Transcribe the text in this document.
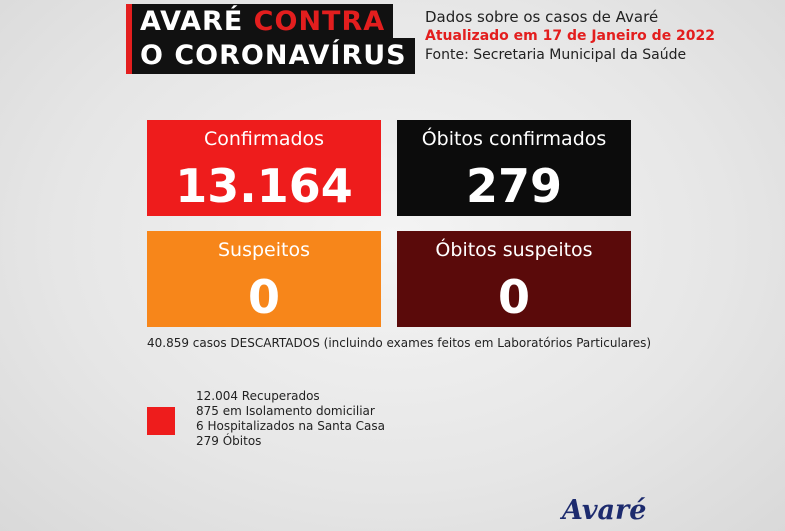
AVARÉ CONTRA
O CORONAVÍRUS
Dados sobre os casos de Avaré
Atualizado em 17 de Janeiro de 2022
Fonte: Secretaria Municipal da Saúde
Confirmados
13.164
Óbitos confirmados
279
Suspeitos
0
Óbitos suspeitos
0
40.859 casos DESCARTADOS (incluindo exames feitos em Laboratórios Particulares)
12.004 Recuperados
875 em Isolamento domiciliar
6 Hospitalizados na Santa Casa
279 Óbitos
Avaré
